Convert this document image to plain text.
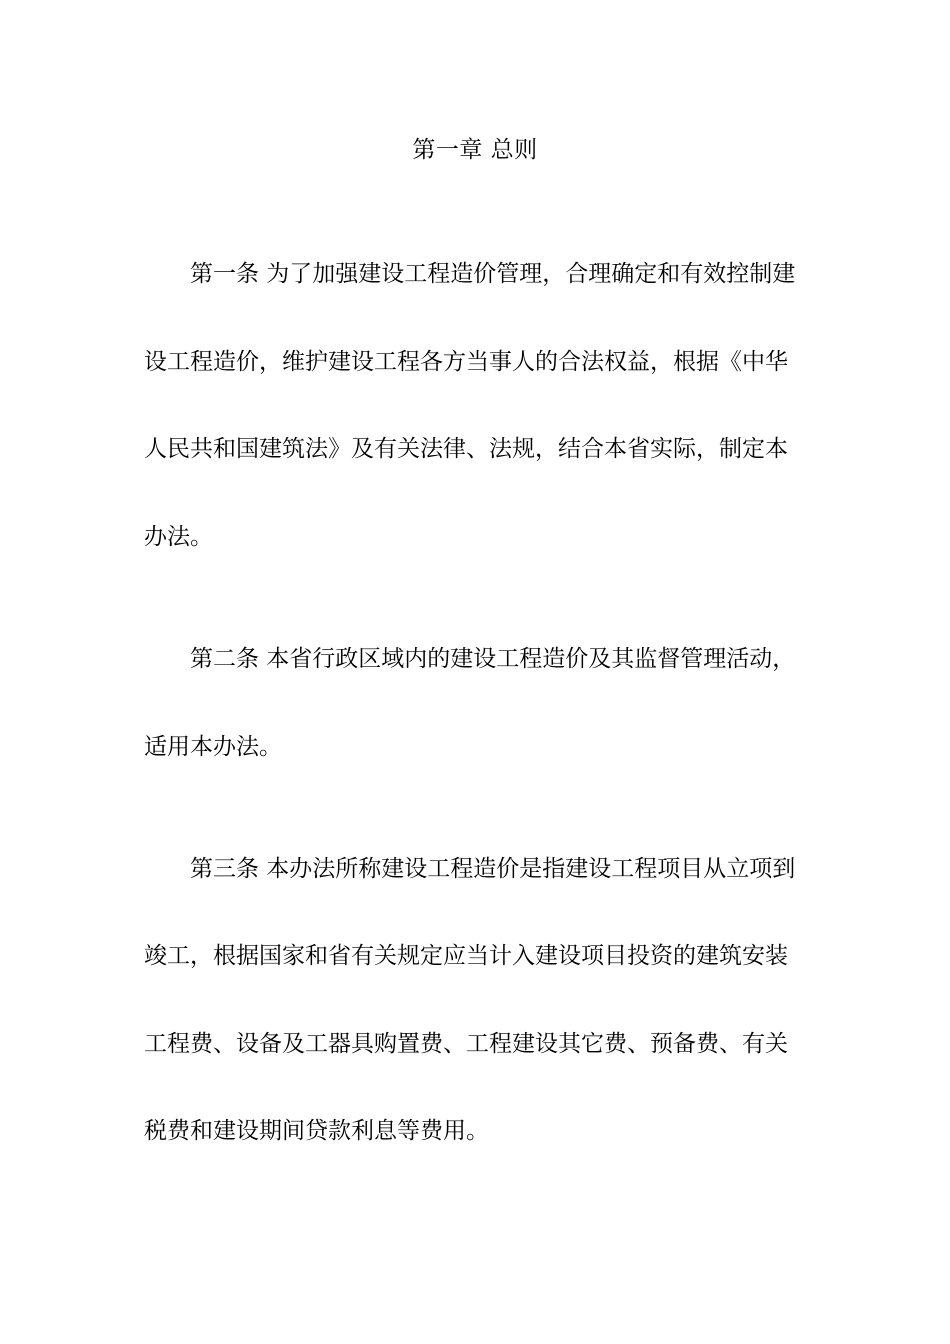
第一章 总则
第一条 为了加强建设工程造价管理，合理确定和有效控制建
设工程造价，维护建设工程各方当事人的合法权益，根据《中华
人民共和国建筑法》及有关法律、法规，结合本省实际，制定本
办法。
第二条 本省行政区域内的建设工程造价及其监督管理活动，
适用本办法。
第三条 本办法所称建设工程造价是指建设工程项目从立项到
竣工，根据国家和省有关规定应当计入建设项目投资的建筑安装
工程费、设备及工器具购置费、工程建设其它费、预备费、有关
税费和建设期间贷款利息等费用。
